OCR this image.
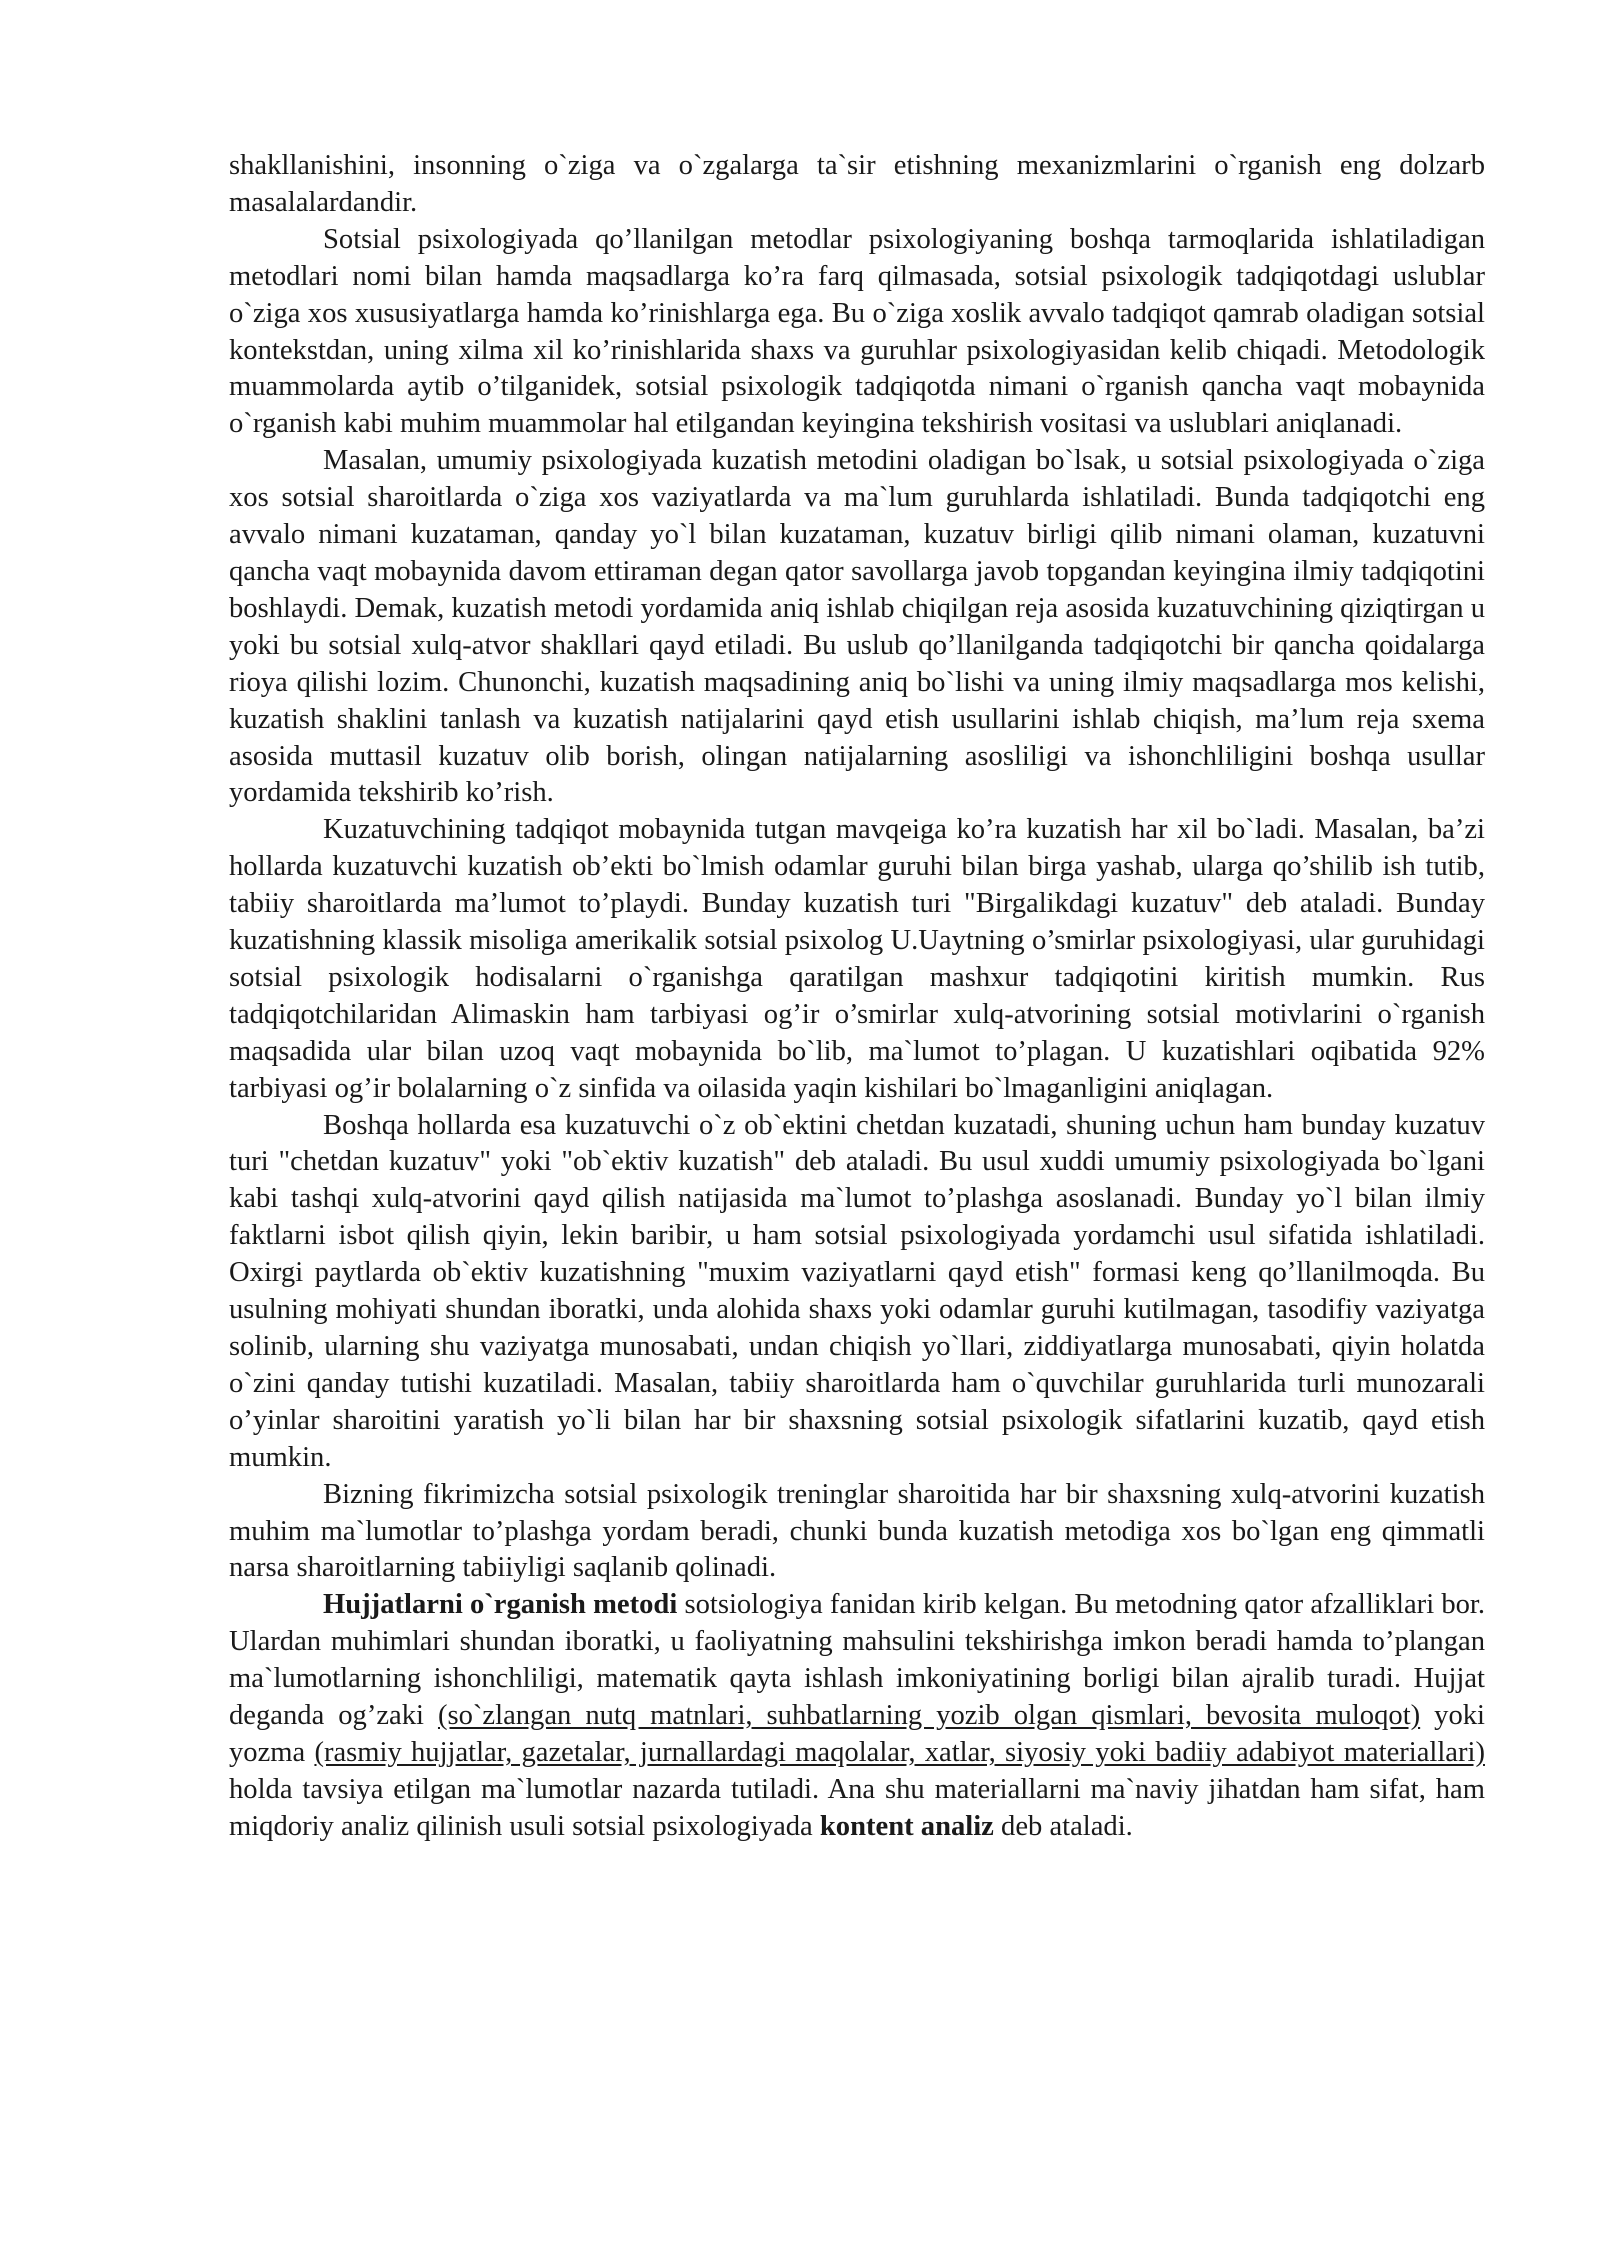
shakllanishini, insonning o`ziga va o`zgalarga ta`sir etishning mexanizmlarini o`rganish eng dolzarb masalalardandir.

Sotsial psixologiyada qo’llanilgan metodlar psixologiyaning boshqa tarmoqlarida ishlatiladigan metodlari nomi bilan hamda maqsadlarga ko’ra farq qilmasada, sotsial psixologik tadqiqotdagi uslublar o`ziga xos xususiyatlarga hamda ko’rinishlarga ega. Bu o`ziga xoslik avvalo tadqiqot qamrab oladigan sotsial kontekstdan, uning xilma xil ko’rinishlarida shaxs va guruhlar psixologiyasidan kelib chiqadi. Metodologik muammolarda aytib o’tilganidek, sotsial psixologik tadqiqotda nimani o`rganish qancha vaqt mobaynida o`rganish kabi muhim muammolar hal etilgandan keyingina tekshirish vositasi va uslublari aniqlanadi.

Masalan, umumiy psixologiyada kuzatish metodini oladigan bo`lsak, u sotsial psixologiyada o`ziga xos sotsial sharoitlarda o`ziga xos vaziyatlarda va ma`lum guruhlarda ishlatiladi. Bunda tadqiqotchi eng avvalo nimani kuzataman, qanday yo`l bilan kuzataman, kuzatuv birligi qilib nimani olaman, kuzatuvni qancha vaqt mobaynida davom ettiraman degan qator savollarga javob topgandan keyingina ilmiy tadqiqotini boshlaydi. Demak, kuzatish metodi yordamida aniq ishlab chiqilgan reja asosida kuzatuvchining qiziqtirgan u yoki bu sotsial xulq-atvor shakllari qayd etiladi. Bu uslub qo’llanilganda tadqiqotchi bir qancha qoidalarga rioya qilishi lozim. Chunonchi, kuzatish maqsadining aniq bo`lishi va uning ilmiy maqsadlarga mos kelishi, kuzatish shaklini tanlash va kuzatish natijalarini qayd etish usullarini ishlab chiqish, ma’lum reja sxema asosida muttasil kuzatuv olib borish, olingan natijalarning asosliligi va ishonchliligini boshqa usullar yordamida tekshirib ko’rish.

Kuzatuvchining tadqiqot mobaynida tutgan mavqeiga ko’ra kuzatish har xil bo`ladi. Masalan, ba’zi hollarda kuzatuvchi kuzatish ob’ekti bo`lmish odamlar guruhi bilan birga yashab, ularga qo’shilib ish tutib, tabiiy sharoitlarda ma’lumot to’playdi. Bunday kuzatish turi "Birgalikdagi kuzatuv" deb ataladi. Bunday kuzatishning klassik misoliga amerikalik sotsial psixolog U.Uaytning o’smirlar psixologiyasi, ular guruhidagi sotsial psixologik hodisalarni o`rganishga qaratilgan mashxur tadqiqotini kiritish mumkin. Rus tadqiqotchilaridan Alimaskin ham tarbiyasi og’ir o’smirlar xulq-atvorining sotsial motivlarini o`rganish maqsadida ular bilan uzoq vaqt mobaynida bo`lib, ma`lumot to’plagan. U kuzatishlari oqibatida 92% tarbiyasi og’ir bolalarning o`z sinfida va oilasida yaqin kishilari bo`lmaganligini aniqlagan.

Boshqa hollarda esa kuzatuvchi o`z ob`ektini chetdan kuzatadi, shuning uchun ham bunday kuzatuv turi "chetdan kuzatuv" yoki "ob`ektiv kuzatish" deb ataladi. Bu usul xuddi umumiy psixologiyada bo`lgani kabi tashqi xulq-atvorini qayd qilish natijasida ma`lumot to’plashga asoslanadi. Bunday yo`l bilan ilmiy faktlarni isbot qilish qiyin, lekin baribir, u ham sotsial psixologiyada yordamchi usul sifatida ishlatiladi. Oxirgi paytlarda ob`ektiv kuzatishning "muxim vaziyatlarni qayd etish" formasi keng qo’llanilmoqda. Bu usulning mohiyati shundan iboratki, unda alohida shaxs yoki odamlar guruhi kutilmagan, tasodifiy vaziyatga solinib, ularning shu vaziyatga munosabati, undan chiqish yo`llari, ziddiyatlarga munosabati, qiyin holatda o`zini qanday tutishi kuzatiladi. Masalan, tabiiy sharoitlarda ham o`quvchilar guruhlarida turli munozarali o’yinlar sharoitini yaratish yo`li bilan har bir shaxsning sotsial psixologik sifatlarini kuzatib, qayd etish mumkin.

Bizning fikrimizcha sotsial psixologik treninglar sharoitida har bir shaxsning xulq-atvorini kuzatish muhim ma`lumotlar to’plashga yordam beradi, chunki bunda kuzatish metodiga xos bo`lgan eng qimmatli narsa sharoitlarning tabiiyligi saqlanib qolinadi.

Hujjatlarni o`rganish metodi sotsiologiya fanidan kirib kelgan. Bu metodning qator afzalliklari bor. Ulardan muhimlari shundan iboratki, u faoliyatning mahsulini tekshirishga imkon beradi hamda to’plangan ma`lumotlarning ishonchliligi, matematik qayta ishlash imkoniyatining borligi bilan ajralib turadi. Hujjat deganda og’zaki (so`zlangan nutq matnlari, suhbatlarning yozib olgan qismlari, bevosita muloqot) yoki yozma (rasmiy hujjatlar, gazetalar, jurnallardagi maqolalar, xatlar, siyosiy yoki badiiy adabiyot materiallari) holda tavsiya etilgan ma`lumotlar nazarda tutiladi. Ana shu materiallarni ma`naviy jihatdan ham sifat, ham miqdoriy analiz qilinish usuli sotsial psixologiyada kontent analiz deb ataladi.
